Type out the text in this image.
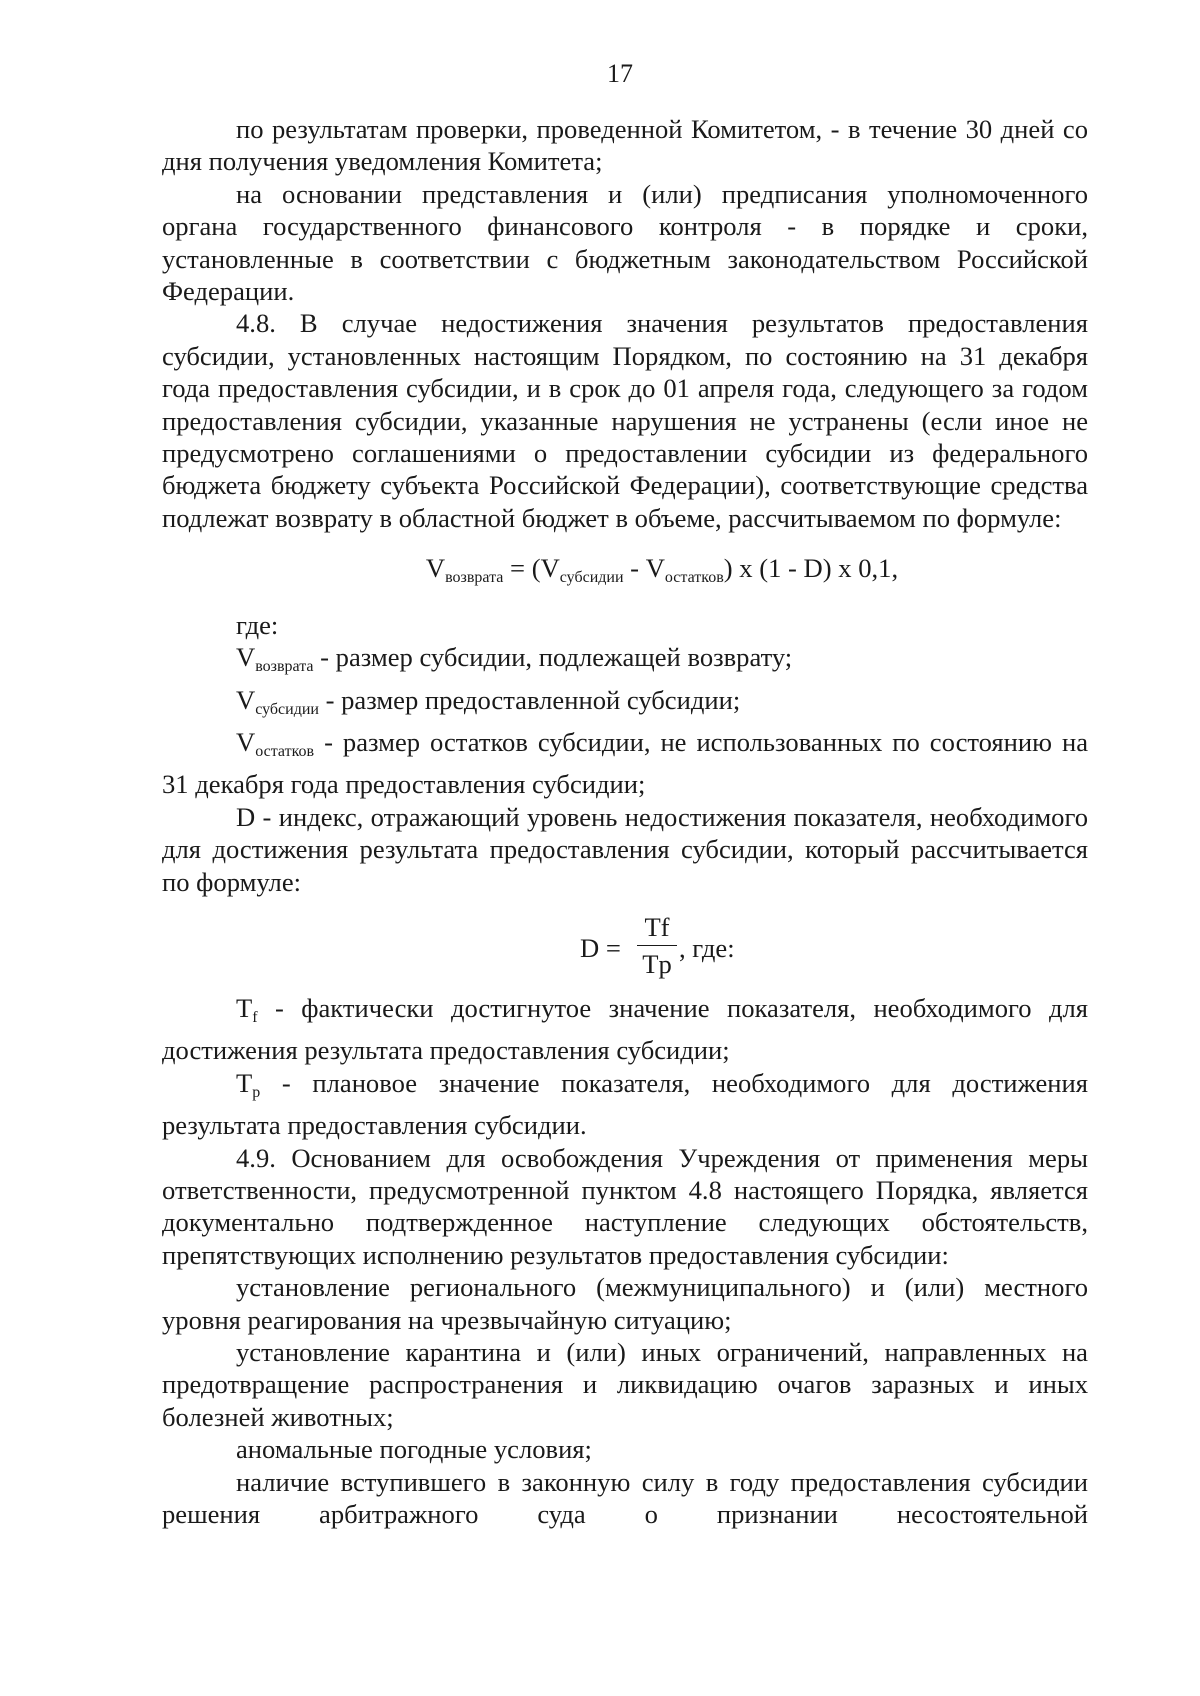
17

по результатам проверки, проведенной Комитетом, - в течение 30 дней со дня получения уведомления Комитета;

на основании представления и (или) предписания уполномоченного органа государственного финансового контроля - в порядке и сроки, установленные в соответствии с бюджетным законодательством Российской Федерации.

4.8. В случае недостижения значения результатов предоставления субсидии, установленных настоящим Порядком, по состоянию на 31 декабря года предоставления субсидии, и в срок до 01 апреля года, следующего за годом предоставления субсидии, указанные нарушения не устранены (если иное не предусмотрено соглашениями о предоставлении субсидии из федерального бюджета бюджету субъекта Российской Федерации), соответствующие средства подлежат возврату в областной бюджет в объеме, рассчитываемом по формуле:

$V_{возврата} = (V_{субсидии} - V_{остатков})$ x (1 - D) x 0,1,

где:

$V_{возврата}$ - размер субсидии, подлежащей возврату;

$V_{субсидии}$ - размер предоставленной субсидии;

$V_{остатков}$ - размер остатков субсидии, не использованных по состоянию на 31 декабря года предоставления субсидии;

D - индекс, отражающий уровень недостижения показателя, необходимого для достижения результата предоставления субсидии, который рассчитывается по формуле:

D =
Tf
Tp
, где:

$T_f$ - фактически достигнутое значение показателя, необходимого для достижения результата предоставления субсидии;

$T_p$ - плановое значение показателя, необходимого для достижения результата предоставления субсидии.

4.9. Основанием для освобождения Учреждения от применения меры ответственности, предусмотренной пунктом 4.8 настоящего Порядка, является документально подтвержденное наступление следующих обстоятельств, препятствующих исполнению результатов предоставления субсидии:

установление регионального (межмуниципального) и (или) местного уровня реагирования на чрезвычайную ситуацию;

установление карантина и (или) иных ограничений, направленных на предотвращение распространения и ликвидацию очагов заразных и иных болезней животных;

аномальные погодные условия;

наличие вступившего в законную силу в году предоставления субсидии решения арбитражного суда о признании несостоятельной
